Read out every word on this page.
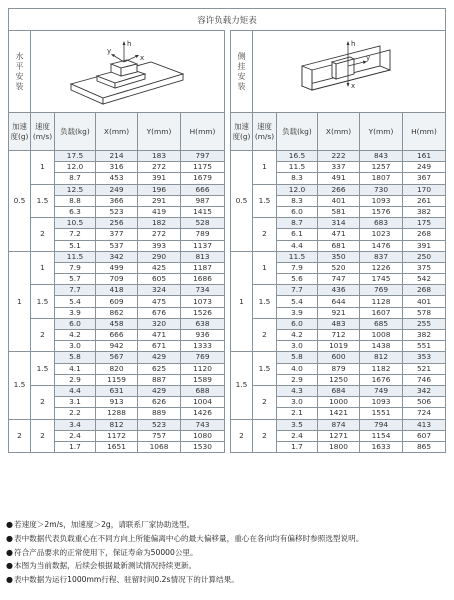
容许负载力矩表
水
平
安
装
h
y
x
加速度(g)	速度(m/s)	负载(kg)	X(mm)	Y(mm)	H(mm)
0.5	1	17.5	214	183	797
		12.0	316	272	1175
		8.7	453	391	1679
	1.5	12.5	249	196	666
		8.8	366	291	987
		6.3	523	419	1415
	2	10.5	256	182	528
		7.2	377	272	789
		5.1	537	393	1137
1	1	11.5	342	290	813
		7.9	499	425	1187
		5.7	709	605	1686
	1.5	7.7	418	324	734
		5.4	609	475	1073
		3.9	862	676	1526
	2	6.0	458	320	638
		4.2	666	471	936
		3.0	942	671	1333
1.5	1.5	5.8	567	429	769
		4.1	820	625	1120
		2.9	1159	887	1589
	2	4.4	631	429	688
		3.1	913	626	1004
		2.2	1288	889	1426
2	2	3.4	812	523	743
		2.4	1172	757	1080
		1.7	1651	1068	1530
侧
挂
安
装
h
y
x
加速度(g)	速度(m/s)	负载(kg)	X(mm)	Y(mm)	H(mm)
0.5	1	16.5	222	843	161
		11.5	337	1257	249
		8.3	491	1807	367
	1.5	12.0	266	730	170
		8.3	401	1093	261
		6.0	581	1576	382
	2	8.7	314	683	175
		6.1	471	1023	268
		4.4	681	1476	391
1	1	11.5	350	837	250
		7.9	520	1226	375
		5.6	747	1745	542
	1.5	7.7	436	769	268
		5.4	644	1128	401
		3.9	921	1607	578
	2	6.0	483	685	255
		4.2	712	1008	382
		3.0	1019	1438	551
1.5	1.5	5.8	600	812	353
		4.0	879	1182	521
		2.9	1250	1676	746
	2	4.3	684	749	342
		3.0	1000	1093	506
		2.1	1421	1551	724
2	2	3.5	874	794	413
		2.4	1271	1154	607
		1.7	1800	1633	865
● 若速度＞2m/s，加速度＞2g，请联系厂家协助选型。
● 表中数据代表负载重心在不同方向上所能偏离中心的最大偏移量，重心在各向均有偏移时参照选型说明。
● 符合产品要求的正常使用下，保证寿命为50000公里。
● 本图为当前数据，后续会根据最新测试情况持续更新。
● 表中数据为运行1000mm行程、驻留时间0.2s情况下的计算结果。
